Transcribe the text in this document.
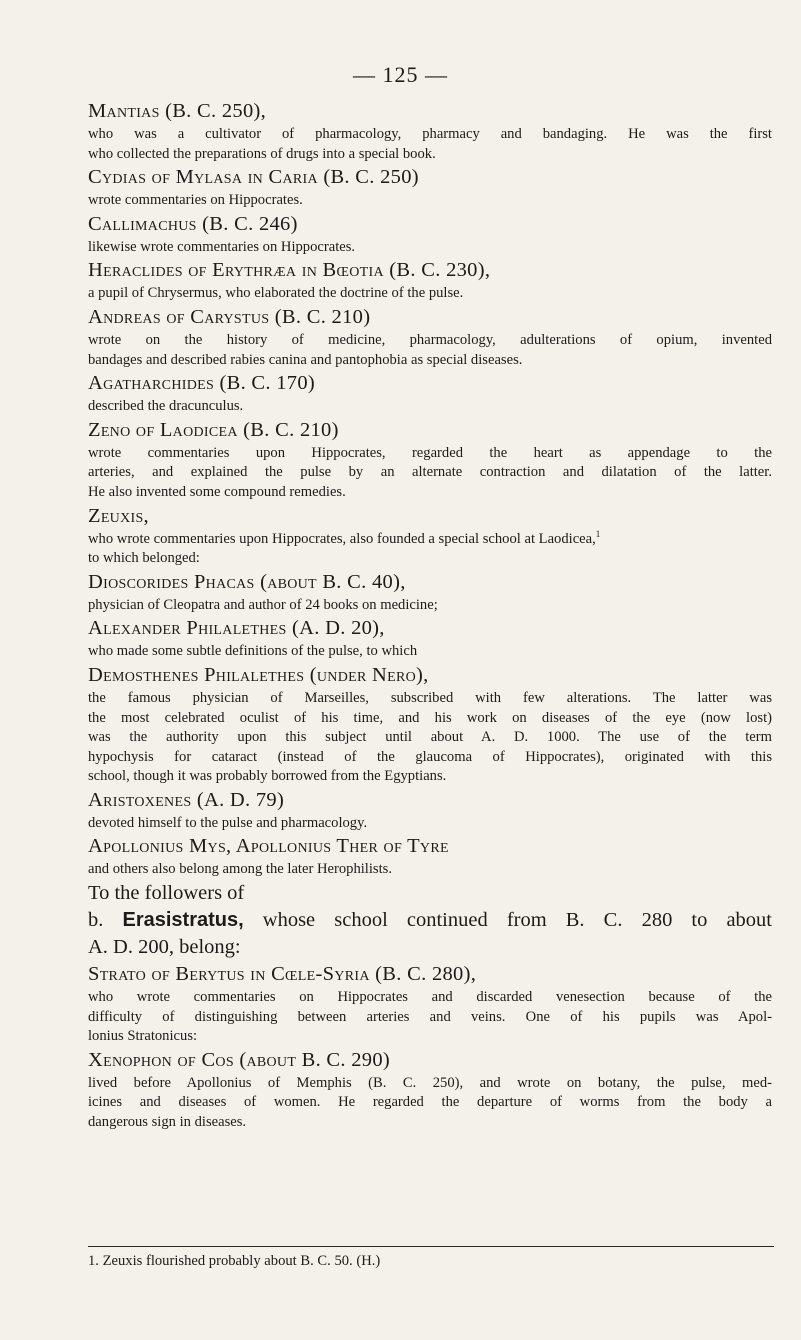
— 125 —
Mantias (B. C. 250),
who was a cultivator of pharmacology, pharmacy and bandaging. He was the first
who collected the preparations of drugs into a special book.
Cydias of Mylasa in Caria (B. C. 250)
wrote commentaries on Hippocrates.
Callimachus (B. C. 246)
likewise wrote commentaries on Hippocrates.
Heraclides of Erythræa in Bœotia (B. C. 230),
a pupil of Chrysermus, who elaborated the doctrine of the pulse.
Andreas of Carystus (B. C. 210)
wrote on the history of medicine, pharmacology, adulterations of opium, invented
bandages and described rabies canina and pantophobia as special diseases.
Agatharchides (B. C. 170)
described the dracunculus.
Zeno of Laodicea (B. C. 210)
wrote commentaries upon Hippocrates, regarded the heart as appendage to the
arteries, and explained the pulse by an alternate contraction and dilatation of the latter.
He also invented some compound remedies.
Zeuxis,
who wrote commentaries upon Hippocrates, also founded a special school at Laodicea,$^1$
to which belonged:
Dioscorides Phacas (about B. C. 40),
physician of Cleopatra and author of 24 books on medicine;
Alexander Philalethes (A. D. 20),
who made some subtle definitions of the pulse, to which
Demosthenes Philalethes (under Nero),
the famous physician of Marseilles, subscribed with few alterations. The latter was
the most celebrated oculist of his time, and his work on diseases of the eye (now lost)
was the authority upon this subject until about A. D. 1000. The use of the term
hypochysis for cataract (instead of the glaucoma of Hippocrates), originated with this
school, though it was probably borrowed from the Egyptians.
Aristoxenes (A. D. 79)
devoted himself to the pulse and pharmacology.
Apollonius Mys, Apollonius Ther of Tyre
and others also belong among the later Herophilists.
To the followers of
b. Erasistratus, whose school continued from B. C. 280 to about
A. D. 200, belong:
Strato of Berytus in Cœle-Syria (B. C. 280),
who wrote commentaries on Hippocrates and discarded venesection because of the
difficulty of distinguishing between arteries and veins. One of his pupils was Apol-
lonius Stratonicus:
Xenophon of Cos (about B. C. 290)
lived before Apollonius of Memphis (B. C. 250), and wrote on botany, the pulse, med-
icines and diseases of women. He regarded the departure of worms from the body a
dangerous sign in diseases.
1. Zeuxis flourished probably about B. C. 50. (H.)
